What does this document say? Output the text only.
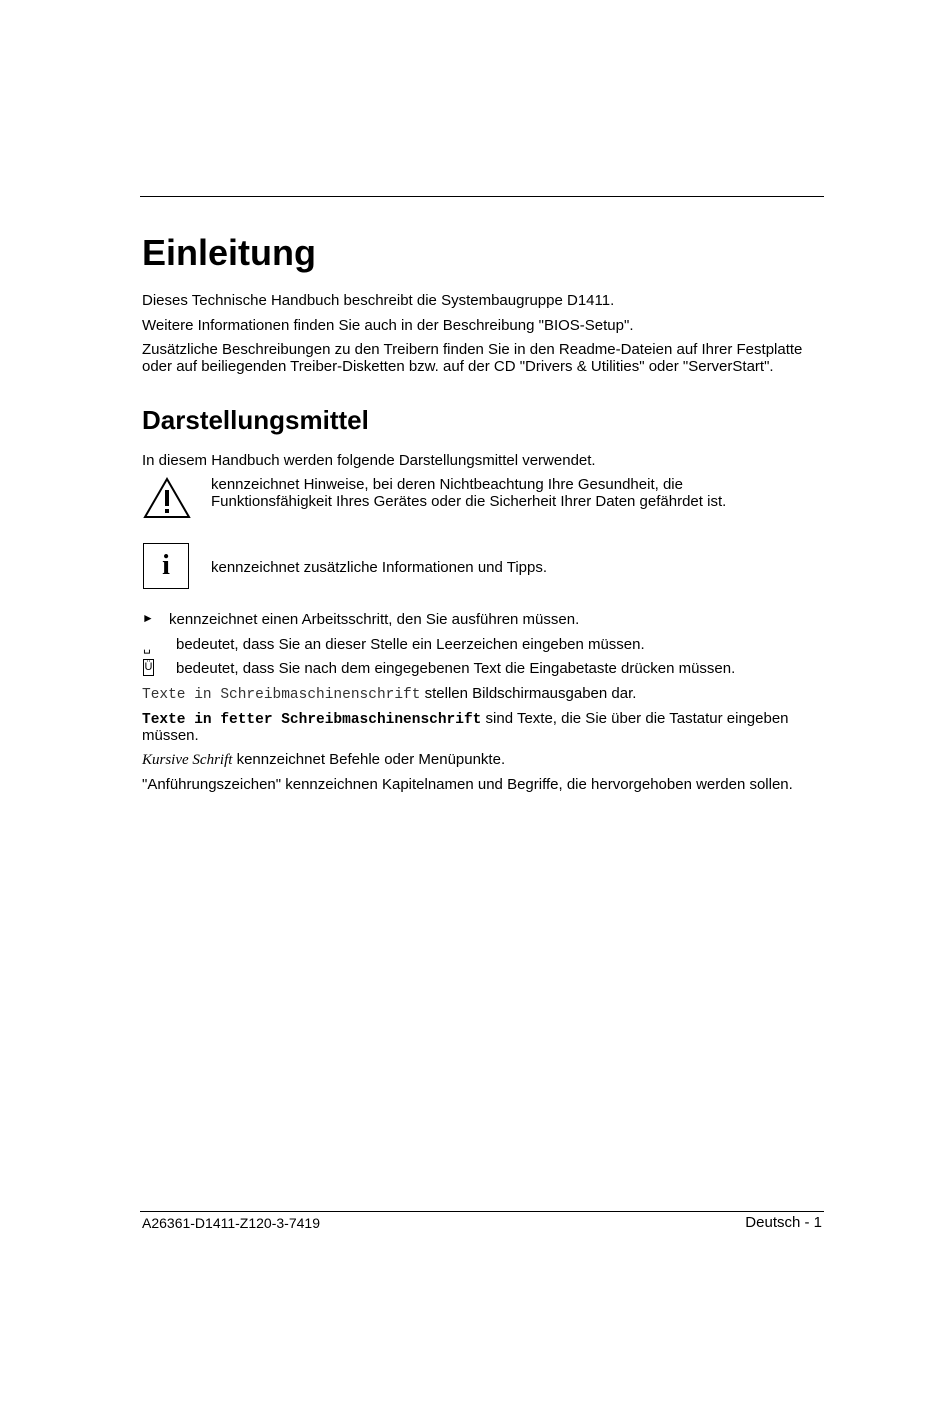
Einleitung

Dieses Technische Handbuch beschreibt die Systembaugruppe D1411.

Weitere Informationen finden Sie auch in der Beschreibung "BIOS-Setup".

Zusätzliche Beschreibungen zu den Treibern finden Sie in den Readme-Dateien auf Ihrer Festplatte

oder auf beiliegenden Treiber-Disketten bzw. auf der CD "Drivers & Utilities" oder "ServerStart".

Darstellungsmittel

In diesem Handbuch werden folgende Darstellungsmittel verwendet.

kennzeichnet Hinweise, bei deren Nichtbeachtung Ihre Gesundheit, die

Funktionsfähigkeit Ihres Gerätes oder die Sicherheit Ihrer Daten gefährdet ist.

i	kennzeichnet zusätzliche Informationen und Tipps.

► kennzeichnet einen Arbeitsschritt, den Sie ausführen müssen.

␣ bedeutet, dass Sie an dieser Stelle ein Leerzeichen eingeben müssen.

Ü bedeutet, dass Sie nach dem eingegebenen Text die Eingabetaste drücken müssen.

Texte in Schreibmaschinenschrift stellen Bildschirmausgaben dar.

Texte in fetter Schreibmaschinenschrift sind Texte, die Sie über die Tastatur eingeben

müssen.

Kursive Schrift kennzeichnet Befehle oder Menüpunkte.

"Anführungszeichen" kennzeichnen Kapitelnamen und Begriffe, die hervorgehoben werden sollen.

A26361-D1411-Z120-3-7419	Deutsch - 1
